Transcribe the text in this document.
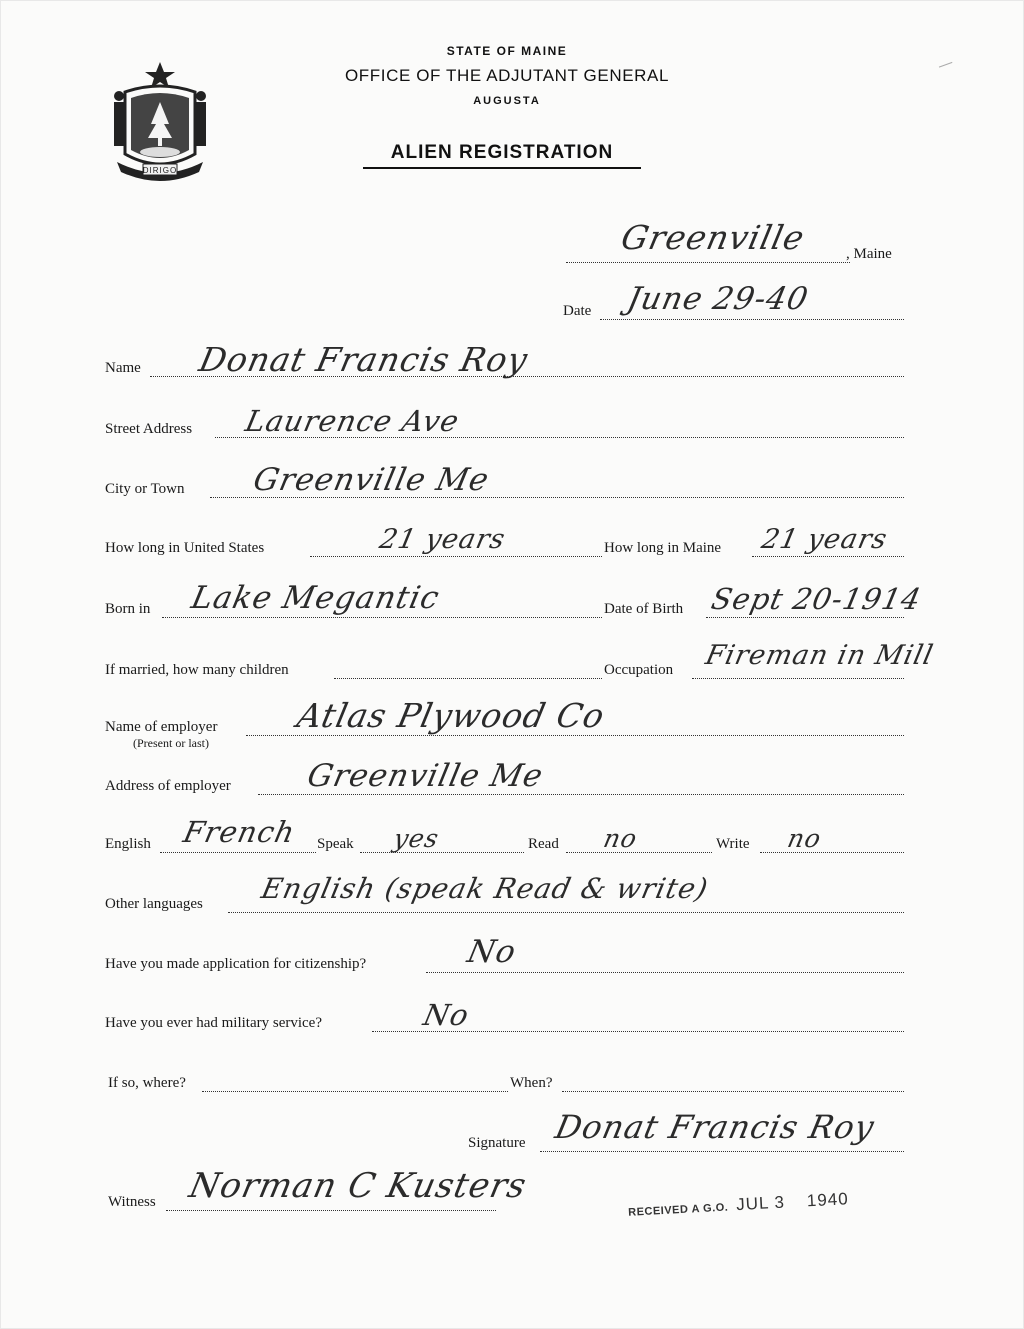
DIRIGO
STATE OF MAINE
OFFICE OF THE ADJUTANT GENERAL
AUGUSTA
ALIEN REGISTRATION
Greenville	, Maine
Date June 29-40
Name Donat Francis Roy
Street Address Laurence Ave
City or Town Greenville Me
How long in United States	21 years	How long in Maine 21 years
Born in Lake Megantic	Date of Birth Sept 20-1914
If married, how many children	Occupation Fireman in Mill
Name of employer
(Present or last)
Atlas Plywood Co
Address of employer Greenville Me
English French Speak yes	Read no	Write no
Other languages English (speak Read & write)
Have you made application for citizenship?	No
Have you ever had military service?	No
If so, where?	When?
Signature Donat Francis Roy
Witness Norman C Kusters
RECEIVED A G.O. JUL 3 1940
